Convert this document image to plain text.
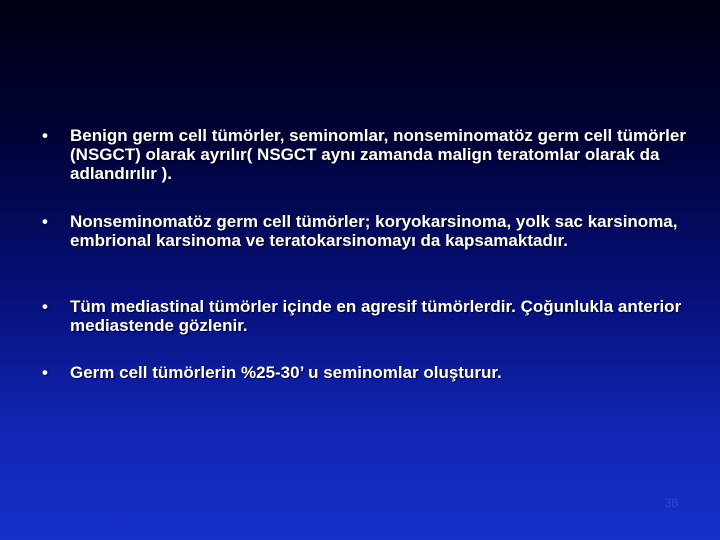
• Benign germ cell tümörler, seminomlar, nonseminomatöz germ cell tümörler (NSGCT) olarak ayrılır( NSGCT aynı zamanda malign teratomlar olarak da adlandırılır ).
• Nonseminomatöz germ cell tümörler; koryokarsinoma, yolk sac karsinoma, embrional karsinoma ve teratokarsinomayı da kapsamaktadır.
• Tüm mediastinal tümörler içinde en agresif tümörlerdir. Çoğunlukla anterior mediastende gözlenir.
• Germ cell tümörlerin %25-30’ u seminomlar oluşturur.
38
